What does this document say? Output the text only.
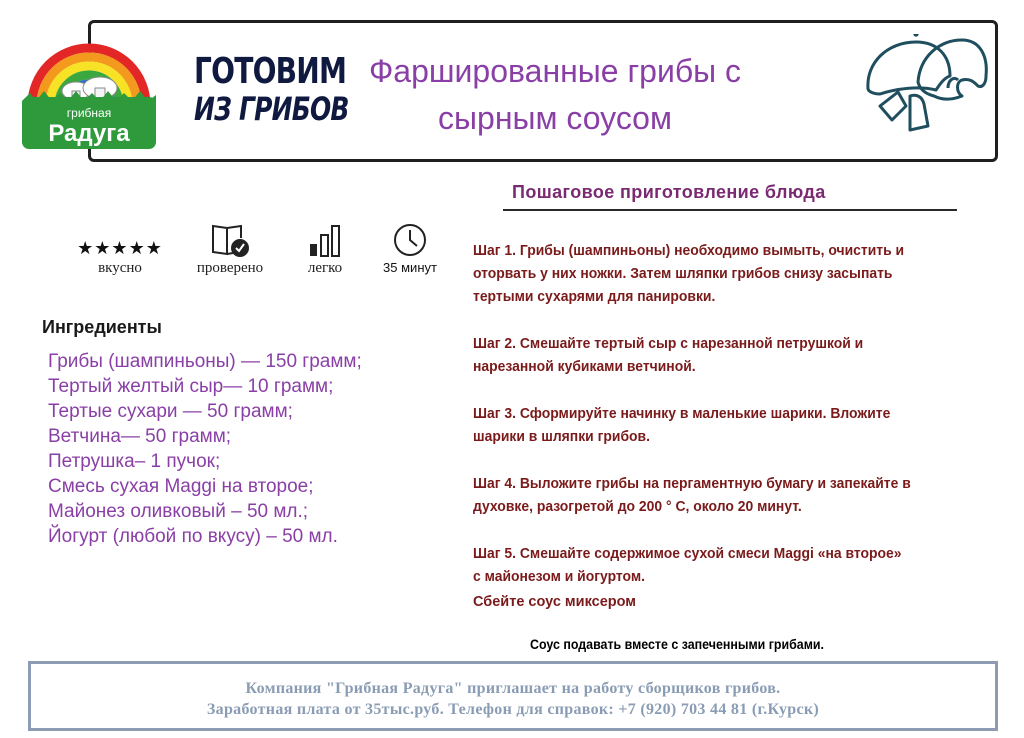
грибная
Радуга
ГОТОВИМ
ИЗ ГРИБОВ
Фаршированные грибы с
сырным соусом
Пошаговое приготовление блюда
★★★★★
вкусно	проверено	легко	35 минут
Ингредиенты
Грибы (шампиньоны) — 150 грамм;
Тертый желтый сыр— 10 грамм;
Тертые сухари — 50 грамм;
Ветчина— 50 грамм;
Петрушка– 1 пучок;
Смесь сухая Maggi на второе;
Майонез оливковый – 50 мл.;
Йогурт (любой по вкусу) – 50 мл.
Шаг 1. Грибы (шампиньоны) необходимо вымыть, очистить и
оторвать у них ножки. Затем шляпки грибов снизу засыпать
тертыми сухарями для панировки.
Шаг 2. Смешайте тертый сыр с нарезанной петрушкой и
нарезанной кубиками ветчиной.
Шаг 3. Сформируйте начинку в маленькие шарики. Вложите
шарики в шляпки грибов.
Шаг 4. Выложите грибы на пергаментную бумагу и запекайте в
духовке, разогретой до 200 ° С, около 20 минут.
Шаг 5. Смешайте содержимое сухой смеси Maggi «на второе»
с майонезом и йогуртом.
Сбейте соус миксером
Соус подавать вместе с запеченными грибами.
Компания "Грибная Радуга" приглашает на работу сборщиков грибов.
Заработная плата от 35тыс.руб. Телефон для справок: +7 (920) 703 44 81 (г.Курск)
